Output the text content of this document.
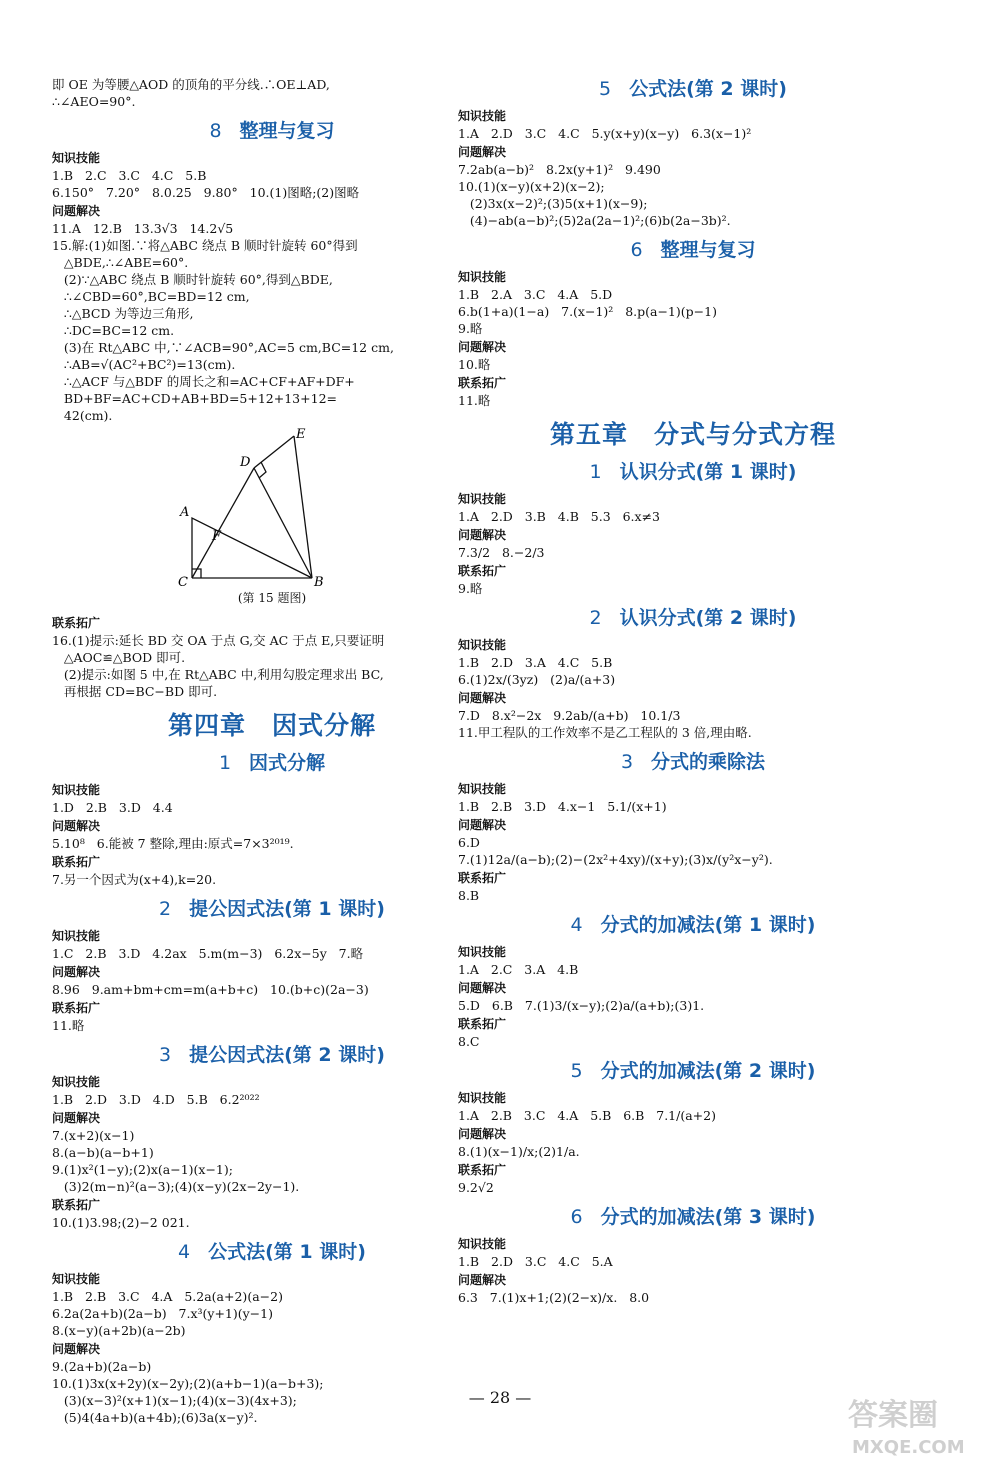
即 OE 为等腰△AOD 的顶角的平分线.∴OE⊥AD,
∴∠AEO=90°.
8 整理与复习
知识技能
1.B   2.C   3.C   4.C   5.B
6.150°   7.20°   8.0.25   9.80°   10.(1)图略;(2)图略
问题解决
11.A   12.B   13.3√3   14.2√5
15.解:(1)如图.∵将△ABC 绕点 B 顺时针旋转 60°得到
△BDE,∴∠ABE=60°.
(2)∵△ABC 绕点 B 顺时针旋转 60°,得到△BDE,
∴∠CBD=60°,BC=BD=12 cm,
∴△BCD 为等边三角形,
∴DC=BC=12 cm.
(3)在 Rt△ABC 中,∵∠ACB=90°,AC=5 cm,BC=12 cm,
∴AB=√(AC²+BC²)=13(cm).
∴△ACF 与△BDF 的周长之和=AC+CF+AF+DF+
BD+BF=AC+CD+AB+BD=5+12+13+12=
42(cm).
E
D
A
F
C	B
(第 15 题图)
联系拓广
16.(1)提示:延长 BD 交 OA 于点 G,交 AC 于点 E,只要证明
△AOC≌△BOD 即可.
(2)提示:如图 5 中,在 Rt△ABC 中,利用勾股定理求出 BC,
再根据 CD=BC−BD 即可.
第四章　因式分解
1 因式分解
知识技能
1.D   2.B   3.D   4.4
问题解决
5.10⁸   6.能被 7 整除,理由:原式=7×3²⁰¹⁹.
联系拓广
7.另一个因式为(x+4),k=20.
2 提公因式法(第 1 课时)
知识技能
1.C   2.B   3.D   4.2ax   5.m(m−3)   6.2x−5y   7.略
问题解决
8.96   9.am+bm+cm=m(a+b+c)   10.(b+c)(2a−3)
联系拓广
11.略
3 提公因式法(第 2 课时)
知识技能
1.B   2.D   3.D   4.D   5.B   6.2²⁰²²
问题解决
7.(x+2)(x−1)
8.(a−b)(a−b+1)
9.(1)x²(1−y);(2)x(a−1)(x−1);
(3)2(m−n)²(a−3);(4)(x−y)(2x−2y−1).
联系拓广
10.(1)3.98;(2)−2 021.
4 公式法(第 1 课时)
知识技能
1.B   2.B   3.C   4.A   5.2a(a+2)(a−2)
6.2a(2a+b)(2a−b)   7.x³(y+1)(y−1)
8.(x−y)(a+2b)(a−2b)
问题解决
9.(2a+b)(2a−b)
10.(1)3x(x+2y)(x−2y);(2)(a+b−1)(a−b+3);
(3)(x−3)²(x+1)(x−1);(4)(x−3)(4x+3);
(5)4(4a+b)(a+4b);(6)3a(x−y)².
5 公式法(第 2 课时)
知识技能
1.A   2.D   3.C   4.C   5.y(x+y)(x−y)   6.3(x−1)²
问题解决
7.2ab(a−b)²   8.2x(y+1)²   9.490
10.(1)(x−y)(x+2)(x−2);
(2)3x(x−2)²;(3)5(x+1)(x−9);
(4)−ab(a−b)²;(5)2a(2a−1)²;(6)b(2a−3b)².
6 整理与复习
知识技能
1.B   2.A   3.C   4.A   5.D
6.b(1+a)(1−a)   7.(x−1)²   8.p(a−1)(p−1)
9.略
问题解决
10.略
联系拓广
11.略
第五章　分式与分式方程
1 认识分式(第 1 课时)
知识技能
1.A   2.D   3.B   4.B   5.3   6.x≠3
问题解决
7.3/2   8.−2/3
联系拓广
9.略
2 认识分式(第 2 课时)
知识技能
1.B   2.D   3.A   4.C   5.B
6.(1)2x/(3yz)   (2)a/(a+3)
问题解决
7.D   8.x²−2x   9.2ab/(a+b)   10.1/3
11.甲工程队的工作效率不是乙工程队的 3 倍,理由略.
3 分式的乘除法
知识技能
1.B   2.B   3.D   4.x−1   5.1/(x+1)
问题解决
6.D
7.(1)12a/(a−b);(2)−(2x²+4xy)/(x+y);(3)x/(y²x−y²).
联系拓广
8.B
4 分式的加减法(第 1 课时)
知识技能
1.A   2.C   3.A   4.B
问题解决
5.D   6.B   7.(1)3/(x−y);(2)a/(a+b);(3)1.
联系拓广
8.C
5 分式的加减法(第 2 课时)
知识技能
1.A   2.B   3.C   4.A   5.B   6.B   7.1/(a+2)
问题解决
8.(1)(x−1)/x;(2)1/a.
联系拓广
9.2√2
6 分式的加减法(第 3 课时)
知识技能
1.B   2.D   3.C   4.C   5.A
问题解决
6.3   7.(1)x+1;(2)(2−x)/x.   8.0
— 28 —
答案圈
MXQE.COM
